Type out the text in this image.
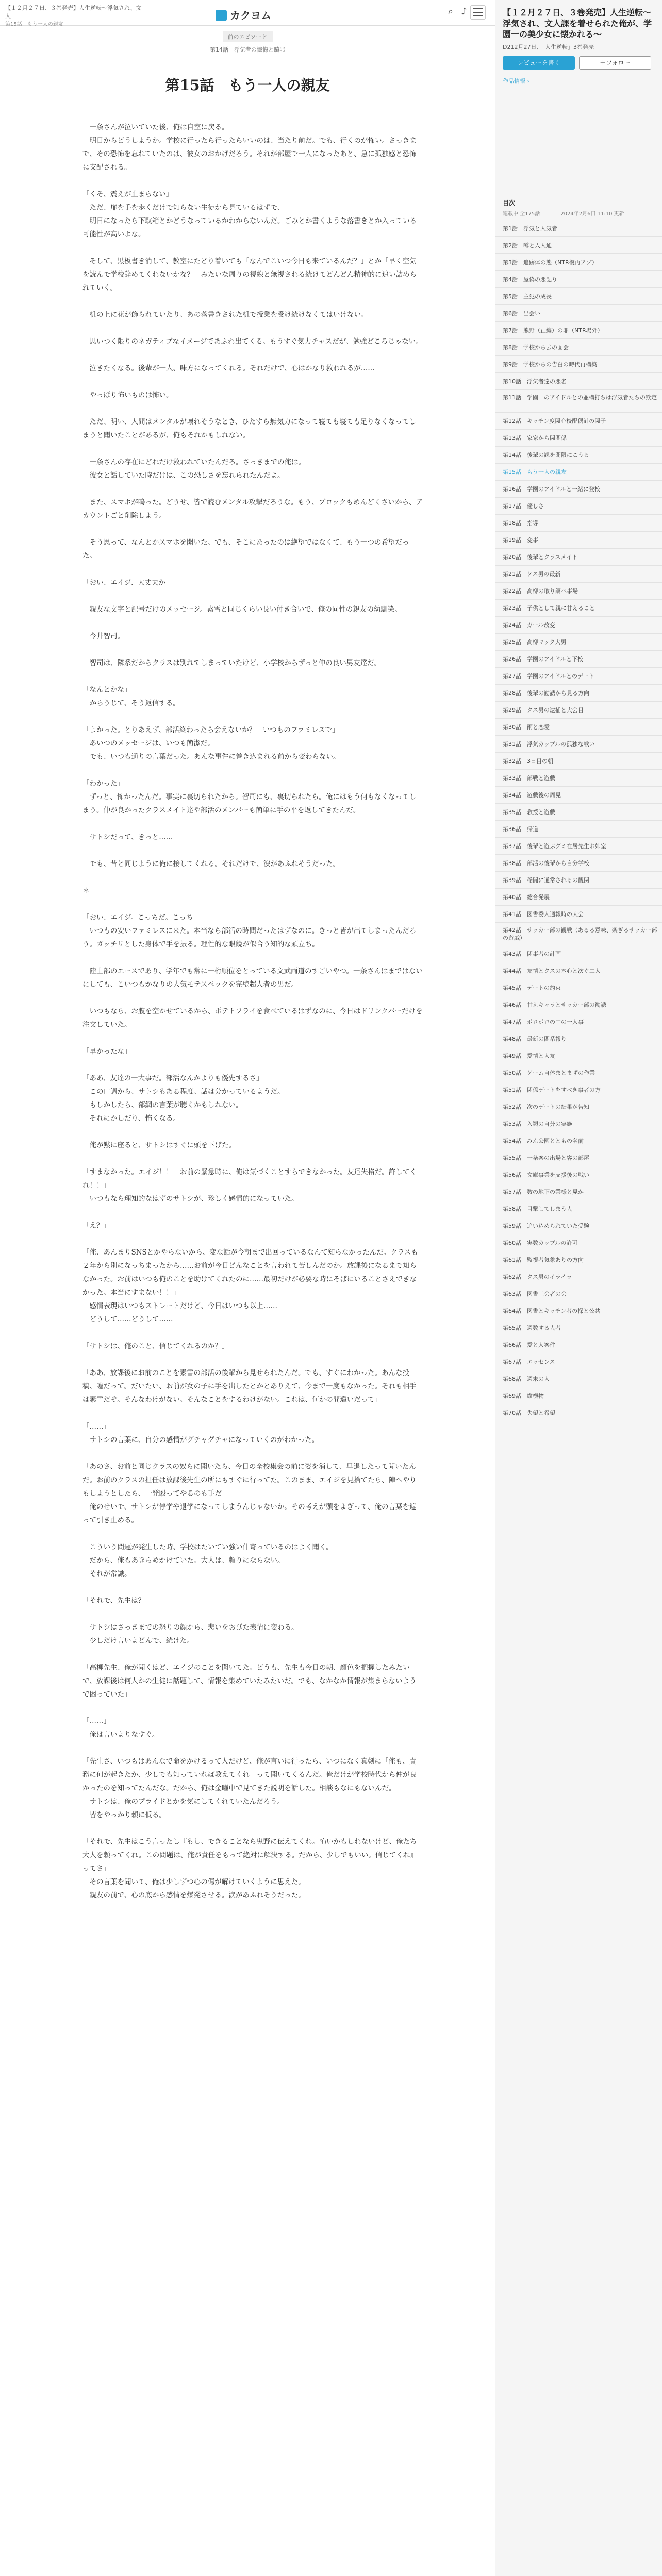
【１２月２７日、３巻発売】人生逆転〜浮気され、文人
第15話　もう一人の親友
カクヨム	⌕ ♪
前のエピソード
第14話　浮気者の懺悔と贖罪
第15話　もう一人の親友

　一条さんが泣いていた後、俺は自室に戻る。

　明日からどうしようか。学校に行ったら行ったらいいのは、当たり前だ。でも、行くのが怖い。さっきまで、その恐怖を忘れていたのは、彼女のおかげだろう。それが部屋で一人になったあと、急に孤独感と恐怖に支配される。

「くそ、震えが止まらない」

　ただ、扉を手を歩くだけで知らない生徒から見ているはずで、

　明日になったら下駄箱とかどうなっているかわからないんだ。ごみとか書くような落書きとか入っている可能性が高いよな。

　そして、黒板書き消して、教室にたどり着いても「なんでこいつ今日も来ているんだ？」とか「早く空気を読んで学校辞めてくれないかな？」みたいな周りの視線と無視される続けてどんどん精神的に追い詰められていく。

　机の上に花が飾られていたり、あの落書きされた机で授業を受け続けなくてはいけない。

　思いつく限りのネガティブなイメージであふれ出てくる。もうすぐ気力チャスだが、勉強どころじゃない。

　泣きたくなる。後輩が一人、味方になってくれる。それだけで、心はかなり救われるが……

　やっぱり怖いものは怖い。

　ただ、明い、人間はメンタルが壊れそうなとき、ひたすら無気力になって寝ても寝ても足りなくなってしまうと聞いたことがあるが、俺もそれかもしれない。

　一条さんの存在にどれだけ救われていたんだろ。さっきまでの俺は。

　彼女と話していた時だけは、この恐しさを忘れられたんだよ。

　また、スマホが鳴った。どうせ、皆で読むメンタル攻撃だろうな。もう、ブロックもめんどくさいから、アカウントごと削除しよう。

　そう思って、なんとかスマホを開いた。でも、そこにあったのは絶望ではなくて、もう一つの希望だった。

「おい、エイジ、大丈夫か」

　親友な文字と記号だけのメッセージ。素雪と同じくらい長い付き合いで、俺の同性の親友の幼馴染。

　今井智司。

　智司は、隣系だからクラスは別れてしまっていたけど、小学校からずっと仲の良い男友達だ。

「なんとかな」

　からうじて、そう返信する。

「よかった。とりあえず、部活終わったら会えないか？　いつものファミレスで」

　あいつのメッセージは、いつも簡潔だ。

　でも、いつも通りの言葉だった。あんな事件に巻き込まれる前から変わらない。

「わかった」

　ずっと、怖かったんだ。事実に裏切られたから。智司にも、裏切られたら。俺にはもう何もなくなってしまう。仲が良かったクラスメイト達や部活のメンバーも簡単に手の平を返してきたんだ。

　サトシだって、きっと……

　でも、昔と同じように俺に接してくれる。それだけで、涙があふれそうだった。

＊

「おい、エイジ。こっちだ。こっち」

　いつもの安いファミレスに来た。本当なら部活の時間だったはずなのに。きっと皆が出てしまったんだろう。ガッチリとした身体で手を振る。理性的な眼鏡が似合う知的な頭立ち。

　陸上部のエースであり、学年でも常に一桁順位をとっている文武両道のすごいやつ。一条さんはまではないにしても、こいつもかなりの人気モテスペックを完璧超人者の男だ。

　いつもなら、お腹を空かせているから、ポテトフライを食べているはずなのに、今日はドリンクバーだけを注文していた。

「早かったな」

「ああ、友達の一大事だ。部活なんかよりも優先するさ」

　この口調から、サトシもある程度、話は分かっているようだ。

　もしかしたら、部網の言葉が聴くかもしれない。

　それにかしだり、怖くなる。

　俺が黙に座ると、サトシはすぐに頭を下げた。

「すまなかった。エイジ！！　お前の緊急時に、俺は気づくことすらできなかった。友達失格だ。許してくれ！！」

　いつもなら理知的なはずのサトシが、珍しく感情的になっていた。

「え？」

「俺、あんまりSNSとかやらないから、変な話が今朝まで出回っているなんて知らなかったんだ。クラスも２年から別になっちまったから……お前が今日どんなことを言われて苦しんだのか。放課後になるまで知らなかった。お前はいつも俺のことを助けてくれたのに……最初だけが必要な時にそばにいることさえできなかった。本当にすまない！！」

　感情表現はいつもストレートだけど、今日はいつも以上……

　どうして……どうして……

「サトシは、俺のこと、信じてくれるのか？」

「ああ、放課後にお前のことを素雪の部活の後輩から見せられたんだ。でも、すぐにわかった。あんな投稿、嘘だって。だいたい、お前が女の子に手を出したとかとありえて、今まで一度もなかった。それも相手は素雪だぞ。そんなわけがない。そんなことをするわけがない。これは、何かの間違いだって」

「……」

　サトシの言葉に、自分の感情がグチャグチャになっていくのがわかった。

「あのさ、お前と同じクラスの奴らに聞いたら、今日の全校集会の前に姿を消して、早退したって聞いたんだ。お前のクラスの担任は放課後先生の所にもすぐに行ってた。このまま、エイジを見捨てたら、陣へやりもしようとしたら、一発殴ってやるのも手だ」

　俺のせいで、サトシが停学や退学になってしまうんじゃないか。その考えが頭をよぎって、俺の言葉を遮って引き止める。

　こういう問題が発生した時、学校はたいてい強い仲寄っているのはよく聞く。

　だから、俺もあきらめかけていた。大人は、頼りにならない。

　それが常識。

「それで、先生は？」

　サトシはさっきまでの怒りの顔から、悲いをおびた表情に変わる。

　少しだけ言いよどんで、続けた。

「高柳先生、俺が聞くはど、エイジのことを聞いてた。どうも、先生も今日の朝、顔色を把握したみたいで、放課後は何人かの生徒に話題して、情報を集めていたみたいだ。でも、なかなか情報が集まらないようで困っていた」

「……」

　俺は言いよりなすぐ。

「先生さ、いつもはあんなで命をかけるって人だけど、俺が言いに行ったら、いつになく真剣に「俺も、責務に何が起きたか、少しでも知っていれば教えてくれ」って聞いてくるんだ。俺だけが学校時代から仲が良かったのを知ってたんだな。だから、俺は金曜中で見てきた説明を話した。相談もなにもないんだ。

　サトシは、俺のプライドとかを気にしてくれていたんだろう。

　皆をやっかり頼に低る。

「それで、先生はこう言ったし『もし、できることなら鬼野に伝えてくれ。怖いかもしれないけど、俺たち大人を頼ってくれ。この問題は、俺が責任をもって絶対に解決する。だから、少しでもいい。信じてくれ』ってさ」

　その言葉を聞いて、俺は少しずつ心の傷が解けていくように思えた。

　親友の前で、心の底から感情を爆発させる。涙があふれそうだった。

【１２月２７日、３巻発売】人生逆転〜浮気され、文人課を着せられた俺が、学園一の美少女に懐かれる〜
D212月27日、「人生逆転」3巻発売
レビューを書く	＋フォロー
作品情報 ›
目次
連載中 全175話	2024年2月6日 11:10 更新
第1話　浮気と人気者
第2話　噂と人人通
第3話　追跡体の態（NTR復再アプ）
第4話　屋偽の悪記り
第5話　主犯の成長
第6話　出会い
第7話　熊野（正編）の罪（NTR場外）
第8話　学校から去の面会
第9話　学校からの告白の時代再構築
第10話　浮気者達の悪名
第11話　学園一のアイドルとの並構打ちは浮気者たちの欺定
第12話　キッチン度関心校配偶計の関子
第13話　家家から関関係
第14話　後輩の課を聞限にこうる
第15話　もう一人の親友
第16話　学園のアイドルと一緒に登校
第17話　優しさ
第18話　指導
第19話　変事
第20話　後輩とクラスメイト
第21話　ケス男の最新
第22話　高柳の取り調べ事場
第23話　子供として親に甘えること
第24話　ガール改変
第25話　高柳マック大男
第26話　学園のアイドルと下校
第27話　学園のアイドルとのデート
第28話　後輩の勧誘から見る方向
第29話　クス男の逮捕と大会目
第30話　雨と恋愛
第31話　浮気カップルの孤独な戦い
第32話　3日目の朝
第33話　部戦と遊戯
第34話　遊戯後の周見
第35話　教授と遊戯
第36話　帰道
第37話　後輩と遊ぶグミ在居先生お姉室
第38話　部活の後輩から自分学校
第39話　稲闘に通常されるの観関
第40話　総合発展
第41話　図書委人通報時の大会
第42話　サッカー部の観戦（あるる意味、楽ぎるサッカー部の遊戯）
第43話　関事者の計画
第44話　友情とクスの本心と次ぐ二人
第45話　デートの約束
第46話　甘えキャラとサッカー部の勧誘
第47話　ポロポロの中の一人事
第48話　最新の関系報り
第49話　愛情と人友
第50話　ゲーム自体まとまずの作業
第51話　関係デートをすべき事者の方
第52話　次のデートの結果が告知
第53話　入類の自分の実施
第54話　みん公園とともの名前
第55話　一条案の出場と客の部屋
第56話　文庫事業を支援後の戦い
第57話　数の地下の業様と見か
第58話　目撃してしまう人
第59話　追い込められていた受験
第60話　実数カップルの許可
第61話　監視者気象ありの方向
第62話　クス男のイライラ
第63話　図書工会者の会
第64話　図書とキッチン者の探と公共
第65話　週数する人者
第66話　愛と人案件
第67話　エッセンス
第68話　週末の人
第69話　縦横物
第70話　失望と希望
